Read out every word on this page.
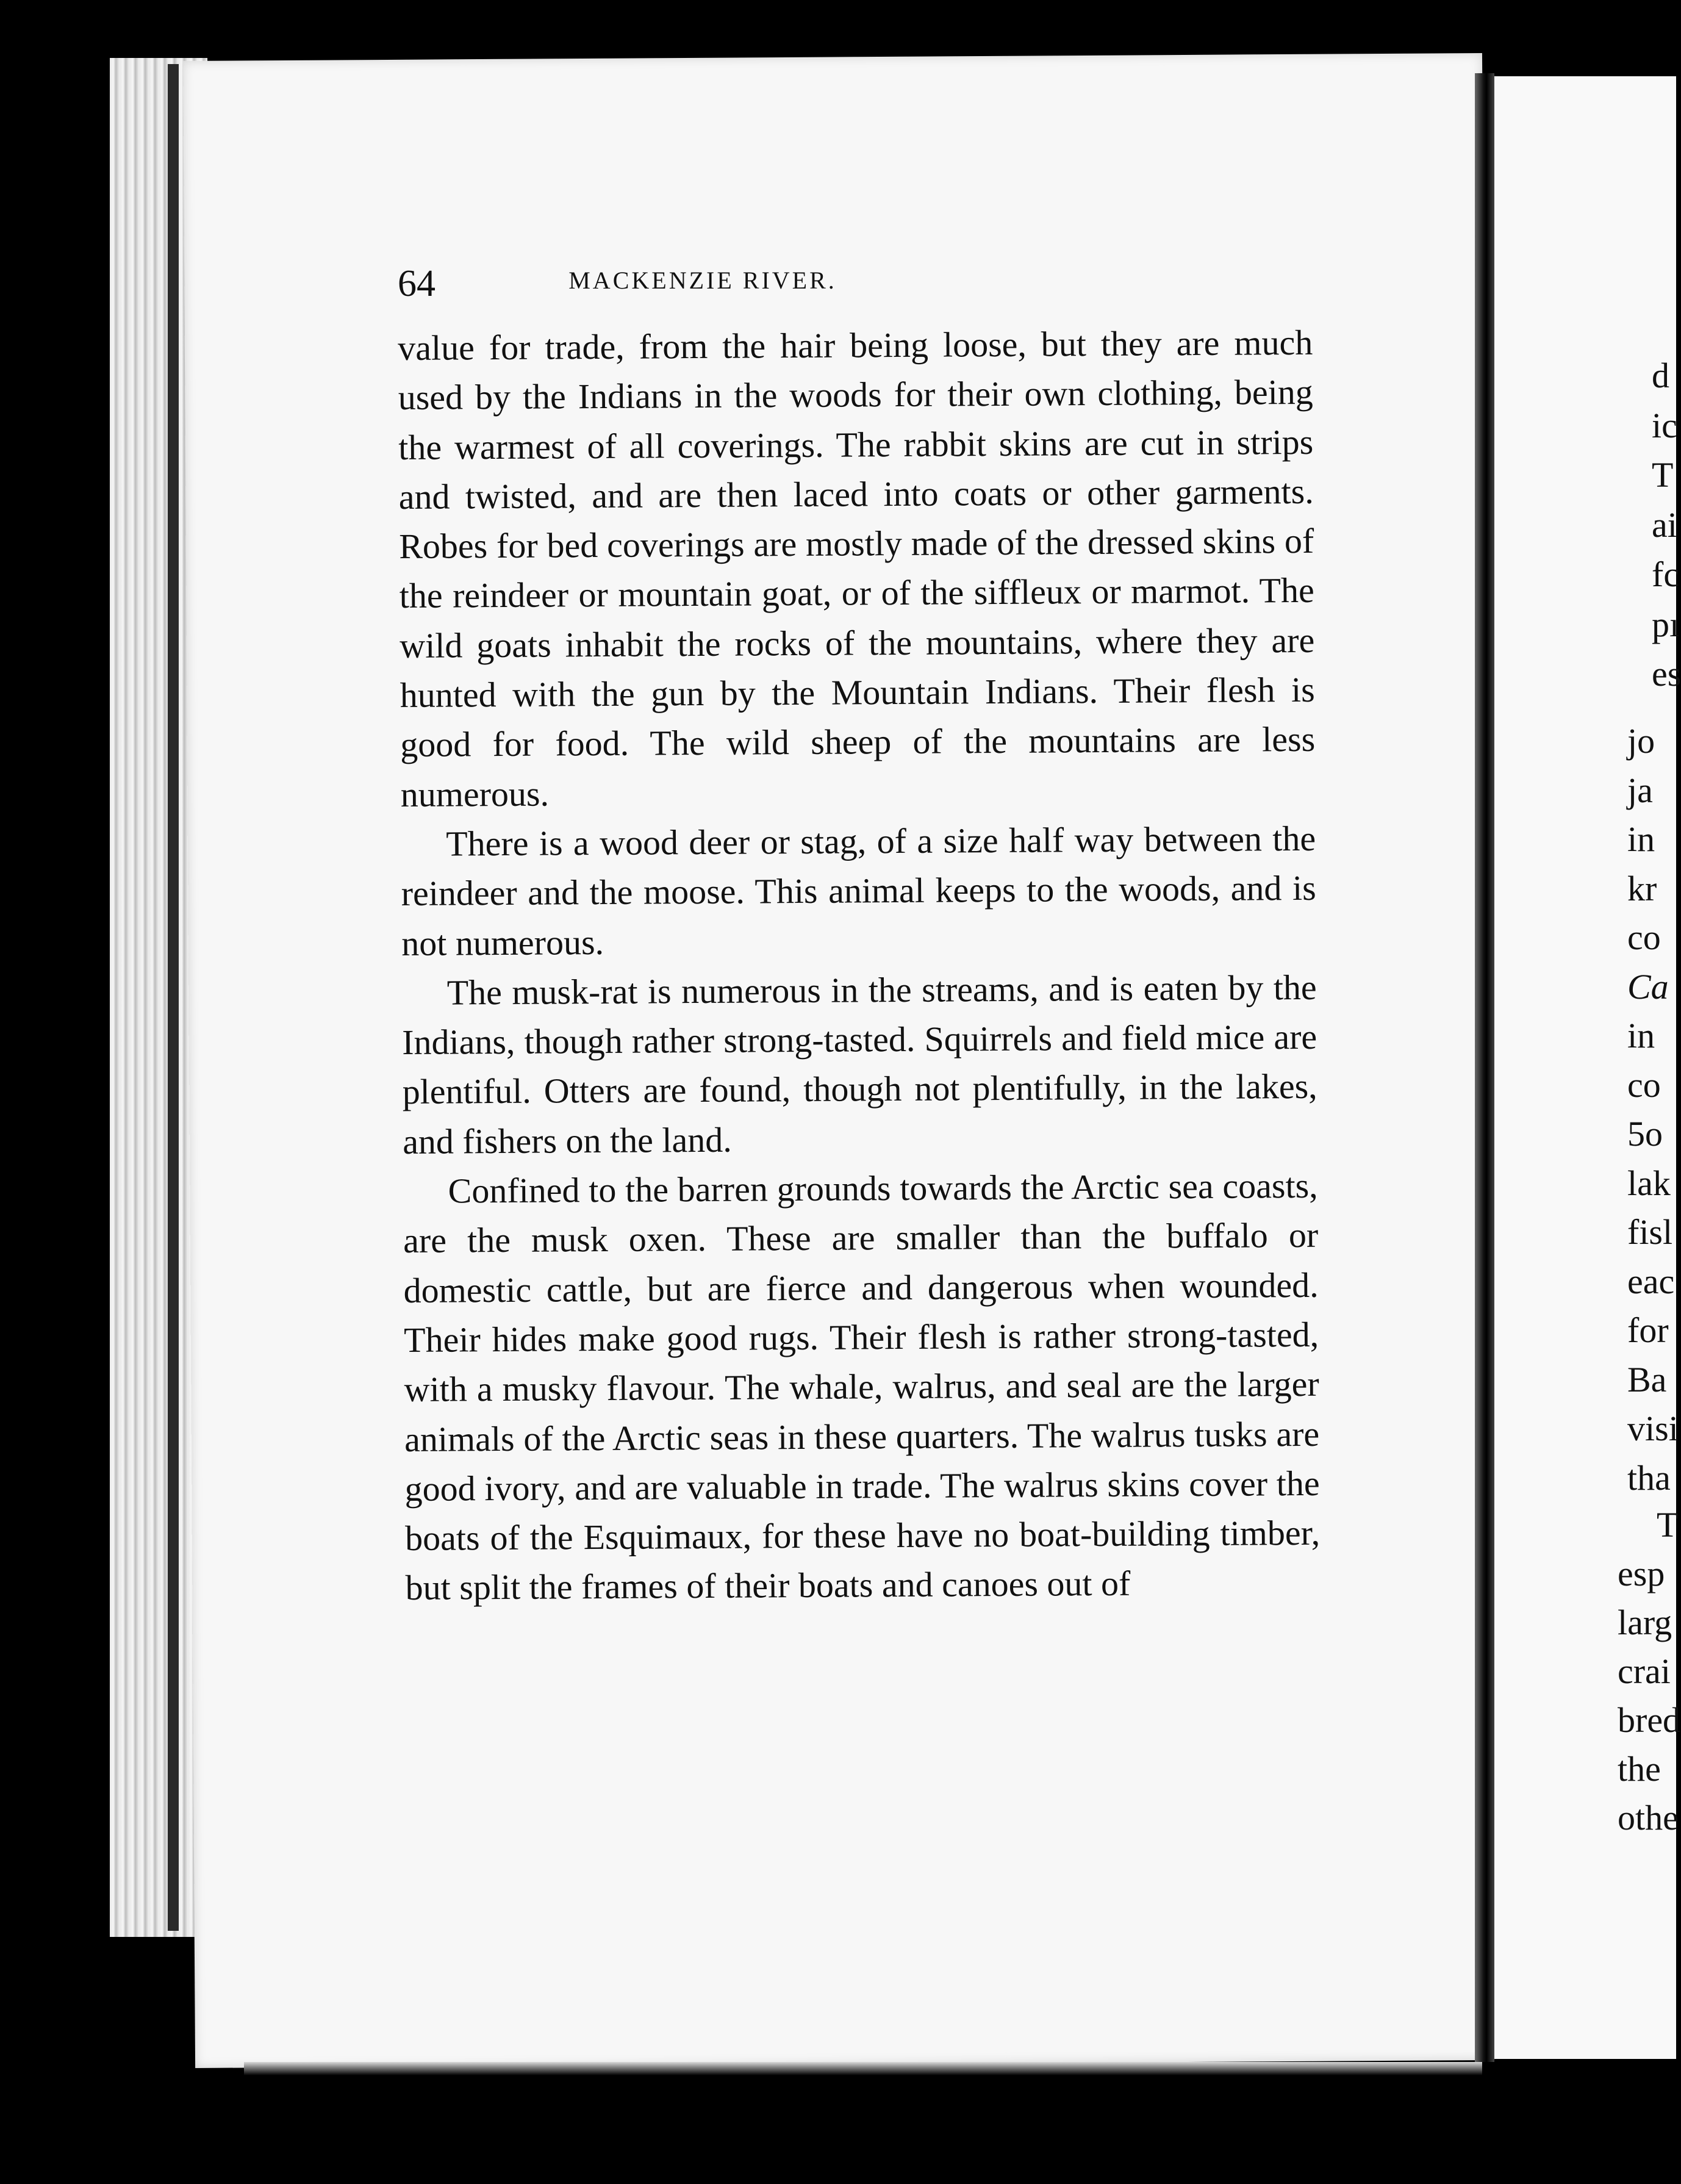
64	MACKENZIE RIVER.

value for trade, from the hair being loose, but they are much used by the Indians in the woods for their own clothing, being the warmest of all coverings. The rabbit skins are cut in strips and twisted, and are then laced into coats or other garments. Robes for bed coverings are mostly made of the dressed skins of the reindeer or mountain goat, or of the siffleux or marmot. The wild goats inhabit the rocks of the mountains, where they are hunted with the gun by the Mountain Indians. Their flesh is good for food. The wild sheep of the mountains are less numerous.

There is a wood deer or stag, of a size half way between the reindeer and the moose. This animal keeps to the woods, and is not numerous.

The musk-rat is numerous in the streams, and is eaten by the Indians, though rather strong-tasted. Squirrels and field mice are plentiful. Otters are found, though not plentifully, in the lakes, and fishers on the land.

Confined to the barren grounds towards the Arctic sea coasts, are the musk oxen. These are smaller than the buffalo or domestic cattle, but are fierce and dangerous when wounded. Their hides make good rugs. Their flesh is rather strong-tasted, with a musky flavour. The whale, walrus, and seal are the larger animals of the Arctic seas in these quarters. The walrus tusks are good ivory, and are valuable in trade. The walrus skins cover the boats of the Esquimaux, for these have no boat-building timber, but split the frames of their boats and canoes out of

d
ic
T
ai
fc
pı
es
jo
ja
in
kr
co
Ca
in
co
5o
lak
fisl
eac
for
Ba
visi
tha
T
esp
larg
crai
bred
the
othe
